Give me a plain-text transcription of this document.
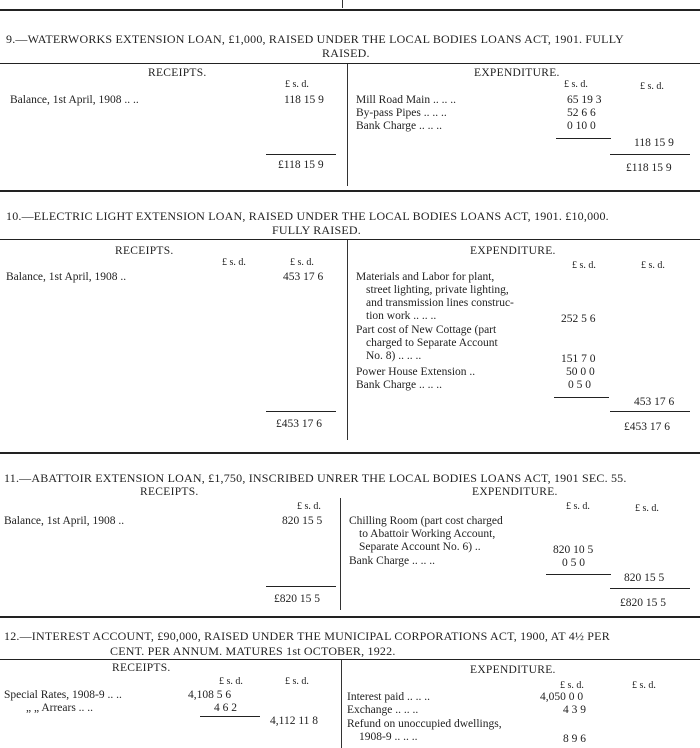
9.—WATERWORKS EXTENSION LOAN, £1,000, RAISED UNDER THE LOCAL BODIES LOANS ACT, 1901. FULLY
RAISED.
RECEIPTS.	EXPENDITURE.
£ s. d.	£ s. d.	£ s. d.
Balance, 1st April, 1908 .. ..	118 15 9	Mill Road Main .. .. ..	65 19 3
By-pass Pipes .. .. ..	52 6 6
Bank Charge .. .. ..	0 10 0
118 15 9
£118 15 9	£118 15 9
10.—ELECTRIC LIGHT EXTENSION LOAN, RAISED UNDER THE LOCAL BODIES LOANS ACT, 1901. £10,000.
FULLY RAISED.
RECEIPTS.	EXPENDITURE.
£ s. d.	£ s. d.	£ s. d.	£ s. d.
Balance, 1st April, 1908 ..	453 17 6	Materials and Labor for plant,
street lighting, private lighting,
and transmission lines construc-
tion work .. .. ..	252 5 6
Part cost of New Cottage (part
charged to Separate Account
No. 8) .. .. ..	151 7 0
Power House Extension ..	50 0 0
Bank Charge .. .. ..	0 5 0
453 17 6
£453 17 6	£453 17 6
11.—ABATTOIR EXTENSION LOAN, £1,750, INSCRIBED UNRER THE LOCAL BODIES LOANS ACT, 1901 SEC. 55.
RECEIPTS.	EXPENDITURE.
£ s. d.	£ s. d.	£ s. d.
Balance, 1st April, 1908 ..	820 15 5 Chilling Room (part cost charged
to Abattoir Working Account,
Separate Account No. 6) ..	820 10 5
Bank Charge .. .. ..	0 5 0
820 15 5
£820 15 5	£820 15 5
12.—INTEREST ACCOUNT, £90,000, RAISED UNDER THE MUNICIPAL CORPORATIONS ACT, 1900, AT 4½ PER
CENT. PER ANNUM. MATURES 1st OCTOBER, 1922.
RECEIPTS.	EXPENDITURE.
£ s. d.	£ s. d.	£ s. d.	£ s. d.
Special Rates, 1908-9 .. ..	4,108 5 6
„ „ Arrears .. ..	4 6 2
4,112 11 8
Interest paid .. .. ..	4,050 0 0
Exchange .. .. ..	4 3 9
Refund on unoccupied dwellings,
1908-9 .. .. ..	8 9 6
